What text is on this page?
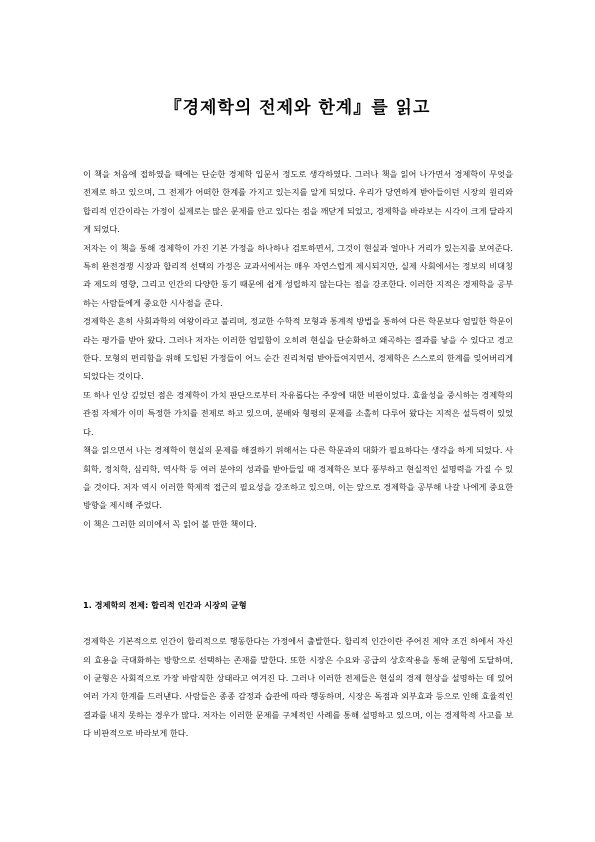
『경제학의 전제와 한계』를 읽고

이 책을 처음에 접하였을 때에는 단순한 경제학 입문서 정도로 생각하였다. 그러나 책을 읽어 나가면서 경제학이 무엇을 전제로 하고 있으며, 그 전제가 어떠한 한계를 가지고 있는지를 알게 되었다. 우리가 당연하게 받아들이던 시장의 원리와 합리적 인간이라는 가정이 실제로는 많은 문제를 안고 있다는 점을 깨닫게 되었고, 경제학을 바라보는 시각이 크게 달라지게 되었다.

저자는 이 책을 통해 경제학이 가진 기본 가정을 하나하나 검토하면서, 그것이 현실과 얼마나 거리가 있는지를 보여준다. 특히 완전경쟁 시장과 합리적 선택의 가정은 교과서에서는 매우 자연스럽게 제시되지만, 실제 사회에서는 정보의 비대칭과 제도의 영향, 그리고 인간의 다양한 동기 때문에 쉽게 성립하지 않는다는 점을 강조한다. 이러한 지적은 경제학을 공부하는 사람들에게 중요한 시사점을 준다.

경제학은 흔히 사회과학의 여왕이라고 불리며, 정교한 수학적 모형과 통계적 방법을 통하여 다른 학문보다 엄밀한 학문이라는 평가를 받아 왔다. 그러나 저자는 이러한 엄밀함이 오히려 현실을 단순화하고 왜곡하는 결과를 낳을 수 있다고 경고한다. 모형의 편리함을 위해 도입된 가정들이 어느 순간 진리처럼 받아들여지면서, 경제학은 스스로의 한계를 잊어버리게 되었다는 것이다.

또 하나 인상 깊었던 점은 경제학이 가치 판단으로부터 자유롭다는 주장에 대한 비판이었다. 효율성을 중시하는 경제학의 관점 자체가 이미 특정한 가치를 전제로 하고 있으며, 분배와 형평의 문제를 소홀히 다루어 왔다는 지적은 설득력이 있었다.

책을 읽으면서 나는 경제학이 현실의 문제를 해결하기 위해서는 다른 학문과의 대화가 필요하다는 생각을 하게 되었다. 사회학, 정치학, 심리학, 역사학 등 여러 분야의 성과를 받아들일 때 경제학은 보다 풍부하고 현실적인 설명력을 가질 수 있을 것이다. 저자 역시 이러한 학제적 접근의 필요성을 강조하고 있으며, 이는 앞으로 경제학을 공부해 나갈 나에게 중요한 방향을 제시해 주었다.

이 책은 그러한 의미에서 꼭 읽어 볼 만한 책이다.

1. 경제학의 전제: 합리적 인간과 시장의 균형

경제학은 기본적으로 인간이 합리적으로 행동한다는 가정에서 출발한다. 합리적 인간이란 주어진 제약 조건 하에서 자신의 효용을 극대화하는 방향으로 선택하는 존재를 말한다. 또한 시장은 수요와 공급의 상호작용을 통해 균형에 도달하며, 이 균형은 사회적으로 가장 바람직한 상태라고 여겨진 다. 그러나 이러한 전제들은 현실의 경제 현상을 설명하는 데 있어 여러 가지 한계를 드러낸다. 사람들은 종종 감정과 습관에 따라 행동하며, 시장은 독점과 외부효과 등으로 인해 효율적인 결과를 내지 못하는 경우가 많다. 저자는 이러한 문제를 구체적인 사례를 통해 설명하고 있으며, 이는 경제학적 사고를 보다 비판적으로 바라보게 한다.
